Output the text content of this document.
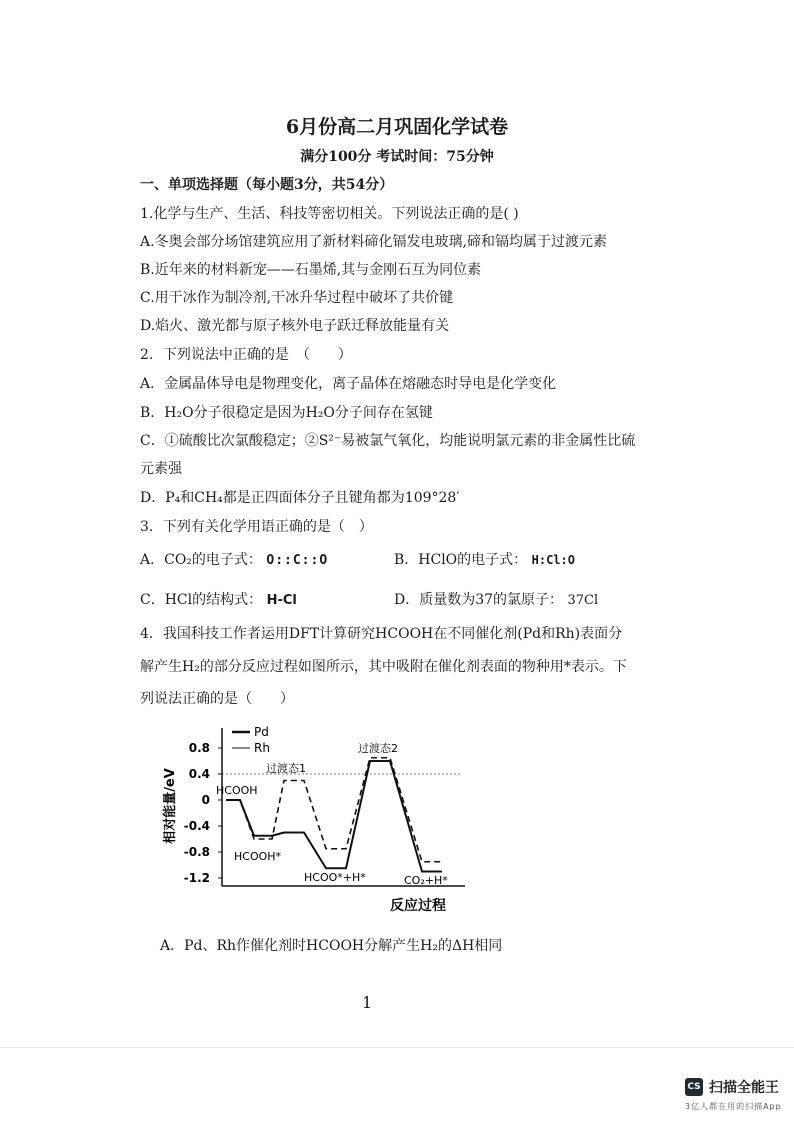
6月份高二月巩固化学试卷
满分100分 考试时间：75分钟
一、单项选择题（每小题3分，共54分）
1.化学与生产、生活、科技等密切相关。下列说法正确的是( )
A.冬奥会部分场馆建筑应用了新材料碲化镉发电玻璃,碲和镉均属于过渡元素
B.近年来的材料新宠——石墨烯,其与金刚石互为同位素
C.用干冰作为制冷剂,干冰升华过程中破坏了共价键
D.焰火、激光都与原子核外电子跃迁释放能量有关
2．下列说法中正确的是　（　　）
A．金属晶体导电是物理变化，离子晶体在熔融态时导电是化学变化
B．H₂O分子很稳定是因为H₂O分子间存在氢键
C．①硫酸比次氯酸稳定；②S²⁻易被氯气氧化，均能说明氯元素的非金属性比硫
元素强
D．P₄和CH₄都是正四面体分子且键角都为109°28′
3．下列有关化学用语正确的是（　）
A．CO₂的电子式： O::C::O	B．HClO的电子式： H:Cl:O
C．HCl的结构式： H-Cl	D．质量数为37的氯原子： 37Cl
4．我国科技工作者运用DFT计算研究HCOOH在不同催化剂(Pd和Rh)表面分
解产生H₂的部分反应过程如图所示，其中吸附在催化剂表面的物种用*表示。下
列说法正确的是（　　）
0.8
0.4
0
-0.4
-0.8
-1.2
相对能量/eV
反应过程
Pd
Rh
过渡态1
过渡态2
HCOOH
HCOOH*
HCOO*+H*	CO₂+H*
A．Pd、Rh作催化剂时HCOOH分解产生H₂的ΔH相同
1
CS 扫描全能王
3亿人都在用的扫描App
